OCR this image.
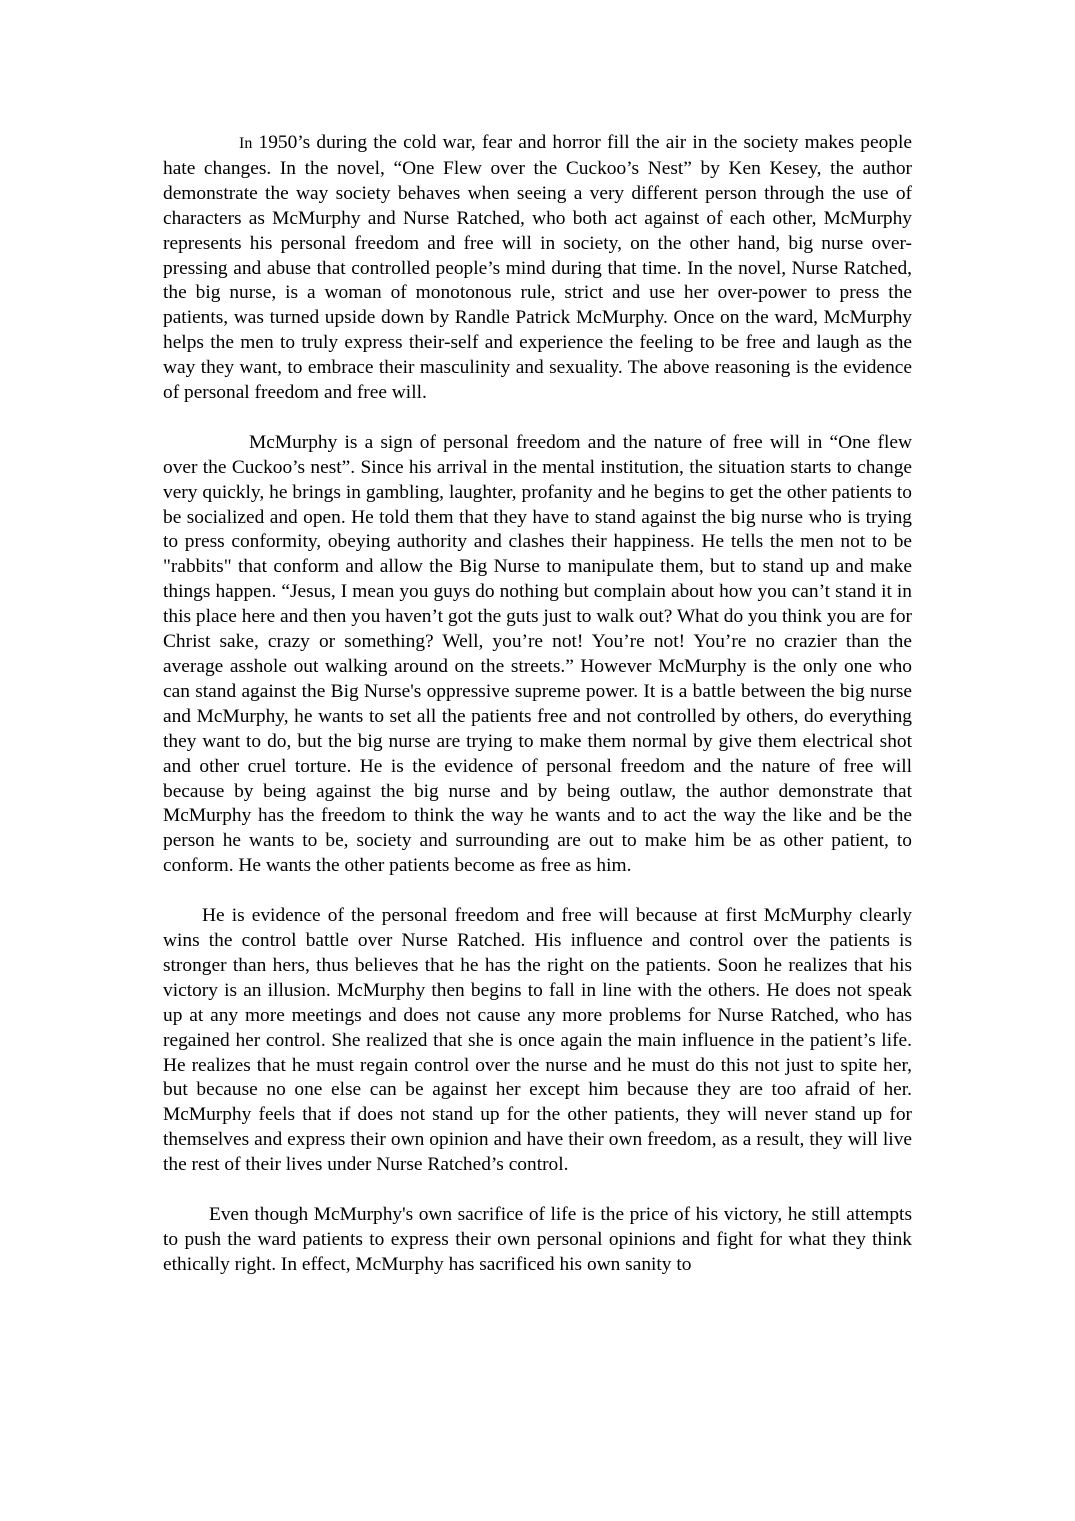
In 1950’s during the cold war, fear and horror fill the air in the society makes people hate changes. In the novel, “One Flew over the Cuckoo’s Nest” by Ken Kesey, the author demonstrate the way society behaves when seeing a very different person through the use of characters as McMurphy and Nurse Ratched, who both act against of each other, McMurphy represents his personal freedom and free will in society, on the other hand, big nurse over-pressing and abuse that controlled people’s mind during that time. In the novel, Nurse Ratched, the big nurse, is a woman of monotonous rule, strict and use her over-power to press the patients, was turned upside down by Randle Patrick McMurphy. Once on the ward, McMurphy helps the men to truly express their-self and experience the feeling to be free and laugh as the way they want, to embrace their masculinity and sexuality. The above reasoning is the evidence of personal freedom and free will.

McMurphy is a sign of personal freedom and the nature of free will in “One flew over the Cuckoo’s nest”. Since his arrival in the mental institution, the situation starts to change very quickly, he brings in gambling, laughter, profanity and he begins to get the other patients to be socialized and open. He told them that they have to stand against the big nurse who is trying to press conformity, obeying authority and clashes their happiness. He tells the men not to be "rabbits" that conform and allow the Big Nurse to manipulate them, but to stand up and make things happen. “Jesus, I mean you guys do nothing but complain about how you can’t stand it in this place here and then you haven’t got the guts just to walk out? What do you think you are for Christ sake, crazy or something? Well, you’re not! You’re not! You’re no crazier than the average asshole out walking around on the streets.” However McMurphy is the only one who can stand against the Big Nurse's oppressive supreme power. It is a battle between the big nurse and McMurphy, he wants to set all the patients free and not controlled by others, do everything they want to do, but the big nurse are trying to make them normal by give them electrical shot and other cruel torture. He is the evidence of personal freedom and the nature of free will because by being against the big nurse and by being outlaw, the author demonstrate that McMurphy has the freedom to think the way he wants and to act the way the like and be the person he wants to be, society and surrounding are out to make him be as other patient, to conform. He wants the other patients become as free as him.

He is evidence of the personal freedom and free will because at first McMurphy clearly wins the control battle over Nurse Ratched. His influence and control over the patients is stronger than hers, thus believes that he has the right on the patients. Soon he realizes that his victory is an illusion. McMurphy then begins to fall in line with the others. He does not speak up at any more meetings and does not cause any more problems for Nurse Ratched, who has regained her control. She realized that she is once again the main influence in the patient’s life. He realizes that he must regain control over the nurse and he must do this not just to spite her, but because no one else can be against her except him because they are too afraid of her. McMurphy feels that if does not stand up for the other patients, they will never stand up for themselves and express their own opinion and have their own freedom, as a result, they will live the rest of their lives under Nurse Ratched’s control.

Even though McMurphy's own sacrifice of life is the price of his victory, he still attempts to push the ward patients to express their own personal opinions and fight for what they think ethically right. In effect, McMurphy has sacrificed his own sanity to
